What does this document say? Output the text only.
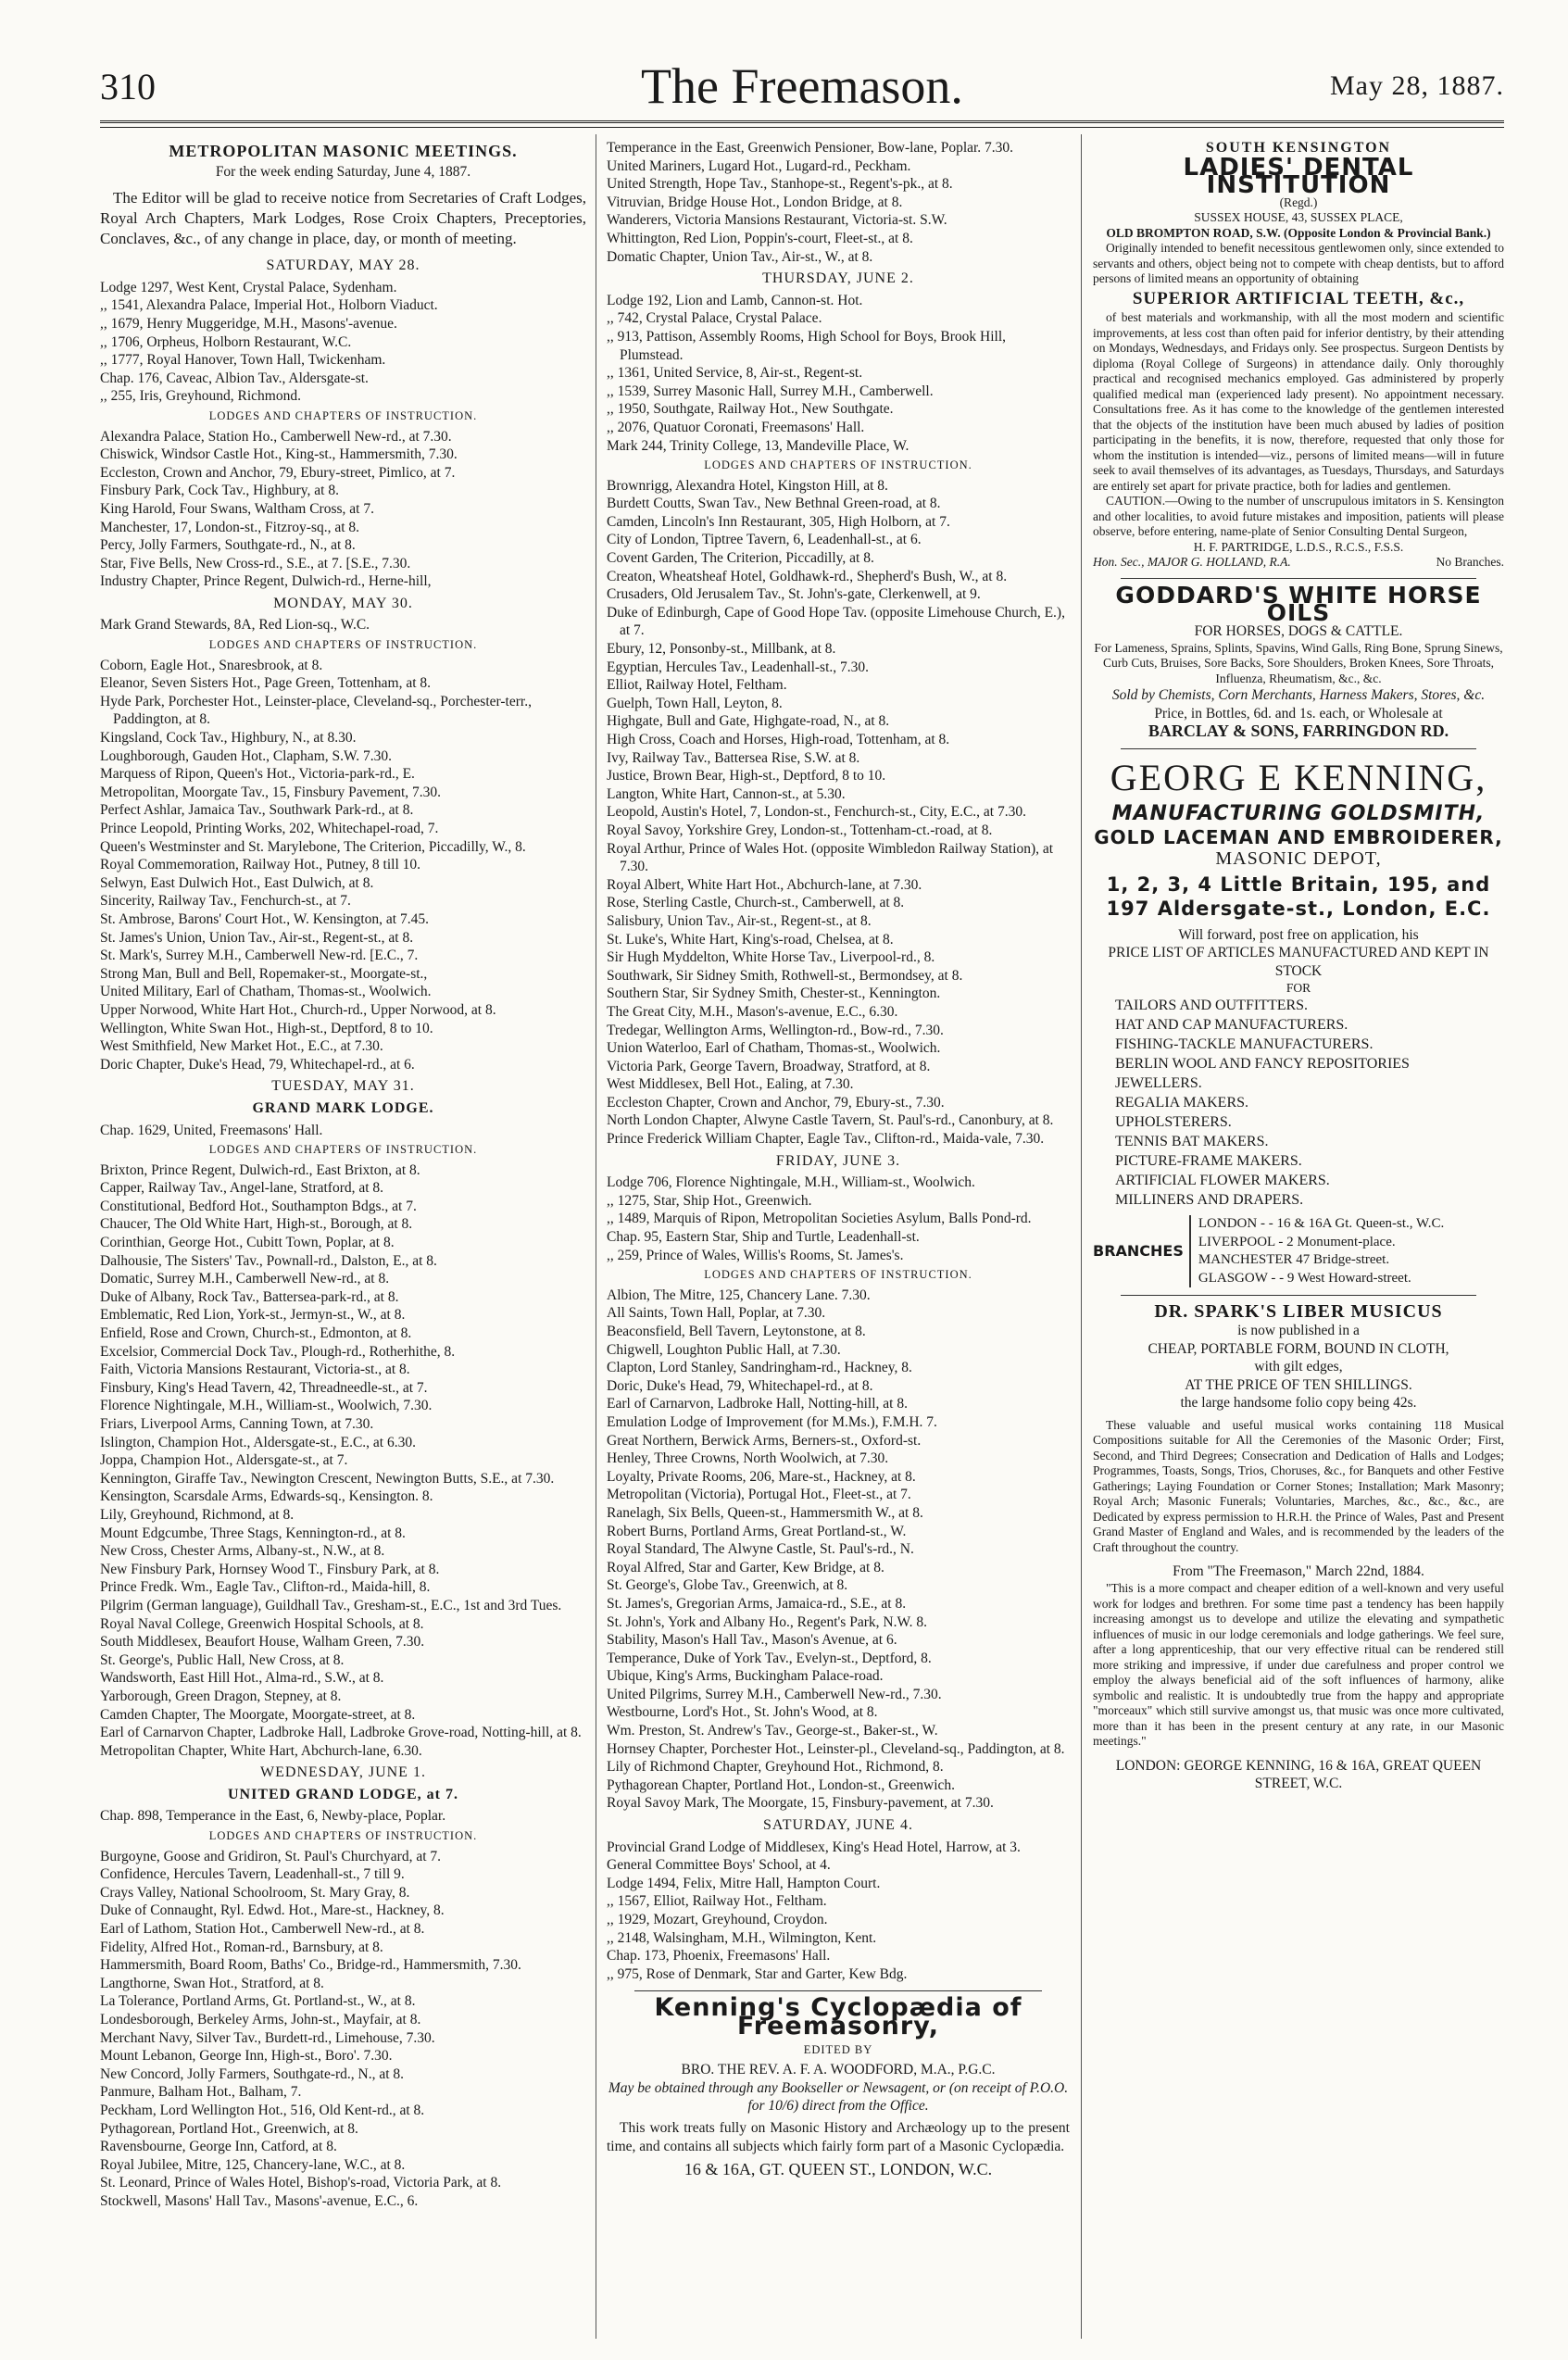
310	The Freemason.	May 28, 1887.
METROPOLITAN MASONIC MEETINGS.
For the week ending Saturday, June 4, 1887.
The Editor will be glad to receive notice from Secretaries of Craft Lodges, Royal Arch Chapters, Mark Lodges, Rose Croix Chapters, Preceptories, Conclaves, &c., of any change in place, day, or month of meeting.
SATURDAY, MAY 28.
Lodge 1297, West Kent, Crystal Palace, Sydenham.
,, 1541, Alexandra Palace, Imperial Hot., Holborn Viaduct.
,, 1679, Henry Muggeridge, M.H., Masons'-avenue.
,, 1706, Orpheus, Holborn Restaurant, W.C.
,, 1777, Royal Hanover, Town Hall, Twickenham.
Chap. 176, Caveac, Albion Tav., Aldersgate-st.
,, 255, Iris, Greyhound, Richmond.
LODGES AND CHAPTERS OF INSTRUCTION.
Alexandra Palace, Station Ho., Camberwell New-rd., at 7.30.
Chiswick, Windsor Castle Hot., King-st., Hammersmith, 7.30.
Eccleston, Crown and Anchor, 79, Ebury-street, Pimlico, at 7.
Finsbury Park, Cock Tav., Highbury, at 8.
King Harold, Four Swans, Waltham Cross, at 7.
Manchester, 17, London-st., Fitzroy-sq., at 8.
Percy, Jolly Farmers, Southgate-rd., N., at 8.
Star, Five Bells, New Cross-rd., S.E., at 7. [S.E., 7.30.
Industry Chapter, Prince Regent, Dulwich-rd., Herne-hill,
MONDAY, MAY 30.
Mark Grand Stewards, 8A, Red Lion-sq., W.C.
LODGES AND CHAPTERS OF INSTRUCTION.
Coborn, Eagle Hot., Snaresbrook, at 8.
Eleanor, Seven Sisters Hot., Page Green, Tottenham, at 8.
Hyde Park, Porchester Hot., Leinster-place, Cleveland-sq., Porchester-terr., Paddington, at 8.
Kingsland, Cock Tav., Highbury, N., at 8.30.
Loughborough, Gauden Hot., Clapham, S.W. 7.30.
Marquess of Ripon, Queen's Hot., Victoria-park-rd., E.
Metropolitan, Moorgate Tav., 15, Finsbury Pavement, 7.30.
Perfect Ashlar, Jamaica Tav., Southwark Park-rd., at 8.
Prince Leopold, Printing Works, 202, Whitechapel-road, 7.
Queen's Westminster and St. Marylebone, The Criterion, Piccadilly, W., 8.
Royal Commemoration, Railway Hot., Putney, 8 till 10.
Selwyn, East Dulwich Hot., East Dulwich, at 8.
Sincerity, Railway Tav., Fenchurch-st., at 7.
St. Ambrose, Barons' Court Hot., W. Kensington, at 7.45.
St. James's Union, Union Tav., Air-st., Regent-st., at 8.
St. Mark's, Surrey M.H., Camberwell New-rd. [E.C., 7.
Strong Man, Bull and Bell, Ropemaker-st., Moorgate-st.,
United Military, Earl of Chatham, Thomas-st., Woolwich.
Upper Norwood, White Hart Hot., Church-rd., Upper Norwood, at 8.
Wellington, White Swan Hot., High-st., Deptford, 8 to 10.
West Smithfield, New Market Hot., E.C., at 7.30.
Doric Chapter, Duke's Head, 79, Whitechapel-rd., at 6.
TUESDAY, MAY 31.
GRAND MARK LODGE.
Chap. 1629, United, Freemasons' Hall.
LODGES AND CHAPTERS OF INSTRUCTION.
Brixton, Prince Regent, Dulwich-rd., East Brixton, at 8.
Capper, Railway Tav., Angel-lane, Stratford, at 8.
Constitutional, Bedford Hot., Southampton Bdgs., at 7.
Chaucer, The Old White Hart, High-st., Borough, at 8.
Corinthian, George Hot., Cubitt Town, Poplar, at 8.
Dalhousie, The Sisters' Tav., Pownall-rd., Dalston, E., at 8.
Domatic, Surrey M.H., Camberwell New-rd., at 8.
Duke of Albany, Rock Tav., Battersea-park-rd., at 8.
Emblematic, Red Lion, York-st., Jermyn-st., W., at 8.
Enfield, Rose and Crown, Church-st., Edmonton, at 8.
Excelsior, Commercial Dock Tav., Plough-rd., Rotherhithe, 8.
Faith, Victoria Mansions Restaurant, Victoria-st., at 8.
Finsbury, King's Head Tavern, 42, Threadneedle-st., at 7.
Florence Nightingale, M.H., William-st., Woolwich, 7.30.
Friars, Liverpool Arms, Canning Town, at 7.30.
Islington, Champion Hot., Aldersgate-st., E.C., at 6.30.
Joppa, Champion Hot., Aldersgate-st., at 7.
Kennington, Giraffe Tav., Newington Crescent, Newington Butts, S.E., at 7.30.
Kensington, Scarsdale Arms, Edwards-sq., Kensington. 8.
Lily, Greyhound, Richmond, at 8.
Mount Edgcumbe, Three Stags, Kennington-rd., at 8.
New Cross, Chester Arms, Albany-st., N.W., at 8.
New Finsbury Park, Hornsey Wood T., Finsbury Park, at 8.
Prince Fredk. Wm., Eagle Tav., Clifton-rd., Maida-hill, 8.
Pilgrim (German language), Guildhall Tav., Gresham-st., E.C., 1st and 3rd Tues.
Royal Naval College, Greenwich Hospital Schools, at 8.
South Middlesex, Beaufort House, Walham Green, 7.30.
St. George's, Public Hall, New Cross, at 8.
Wandsworth, East Hill Hot., Alma-rd., S.W., at 8.
Yarborough, Green Dragon, Stepney, at 8.
Camden Chapter, The Moorgate, Moorgate-street, at 8.
Earl of Carnarvon Chapter, Ladbroke Hall, Ladbroke Grove-road, Notting-hill, at 8.
Metropolitan Chapter, White Hart, Abchurch-lane, 6.30.
WEDNESDAY, JUNE 1.
UNITED GRAND LODGE, at 7.
Chap. 898, Temperance in the East, 6, Newby-place, Poplar.
LODGES AND CHAPTERS OF INSTRUCTION.
Burgoyne, Goose and Gridiron, St. Paul's Churchyard, at 7.
Confidence, Hercules Tavern, Leadenhall-st., 7 till 9.
Crays Valley, National Schoolroom, St. Mary Gray, 8.
Duke of Connaught, Ryl. Edwd. Hot., Mare-st., Hackney, 8.
Earl of Lathom, Station Hot., Camberwell New-rd., at 8.
Fidelity, Alfred Hot., Roman-rd., Barnsbury, at 8.
Hammersmith, Board Room, Baths' Co., Bridge-rd., Hammersmith, 7.30.
Langthorne, Swan Hot., Stratford, at 8.
La Tolerance, Portland Arms, Gt. Portland-st., W., at 8.
Londesborough, Berkeley Arms, John-st., Mayfair, at 8.
Merchant Navy, Silver Tav., Burdett-rd., Limehouse, 7.30.
Mount Lebanon, George Inn, High-st., Boro'. 7.30.
New Concord, Jolly Farmers, Southgate-rd., N., at 8.
Panmure, Balham Hot., Balham, 7.
Peckham, Lord Wellington Hot., 516, Old Kent-rd., at 8.
Pythagorean, Portland Hot., Greenwich, at 8.
Ravensbourne, George Inn, Catford, at 8.
Royal Jubilee, Mitre, 125, Chancery-lane, W.C., at 8.
St. Leonard, Prince of Wales Hotel, Bishop's-road, Victoria Park, at 8.
Stockwell, Masons' Hall Tav., Masons'-avenue, E.C., 6.
Temperance in the East, Greenwich Pensioner, Bow-lane, Poplar. 7.30.
United Mariners, Lugard Hot., Lugard-rd., Peckham.
United Strength, Hope Tav., Stanhope-st., Regent's-pk., at 8.
Vitruvian, Bridge House Hot., London Bridge, at 8.
Wanderers, Victoria Mansions Restaurant, Victoria-st. S.W.
Whittington, Red Lion, Poppin's-court, Fleet-st., at 8.
Domatic Chapter, Union Tav., Air-st., W., at 8.
THURSDAY, JUNE 2.
Lodge 192, Lion and Lamb, Cannon-st. Hot.
,, 742, Crystal Palace, Crystal Palace.
,, 913, Pattison, Assembly Rooms, High School for Boys, Brook Hill, Plumstead.
,, 1361, United Service, 8, Air-st., Regent-st.
,, 1539, Surrey Masonic Hall, Surrey M.H., Camberwell.
,, 1950, Southgate, Railway Hot., New Southgate.
,, 2076, Quatuor Coronati, Freemasons' Hall.
Mark 244, Trinity College, 13, Mandeville Place, W.
LODGES AND CHAPTERS OF INSTRUCTION.
Brownrigg, Alexandra Hotel, Kingston Hill, at 8.
Burdett Coutts, Swan Tav., New Bethnal Green-road, at 8.
Camden, Lincoln's Inn Restaurant, 305, High Holborn, at 7.
City of London, Tiptree Tavern, 6, Leadenhall-st., at 6.
Covent Garden, The Criterion, Piccadilly, at 8.
Creaton, Wheatsheaf Hotel, Goldhawk-rd., Shepherd's Bush, W., at 8.
Crusaders, Old Jerusalem Tav., St. John's-gate, Clerkenwell, at 9.
Duke of Edinburgh, Cape of Good Hope Tav. (opposite Limehouse Church, E.), at 7.
Ebury, 12, Ponsonby-st., Millbank, at 8.
Egyptian, Hercules Tav., Leadenhall-st., 7.30.
Elliot, Railway Hotel, Feltham.
Guelph, Town Hall, Leyton, 8.
Highgate, Bull and Gate, Highgate-road, N., at 8.
High Cross, Coach and Horses, High-road, Tottenham, at 8.
Ivy, Railway Tav., Battersea Rise, S.W. at 8.
Justice, Brown Bear, High-st., Deptford, 8 to 10.
Langton, White Hart, Cannon-st., at 5.30.
Leopold, Austin's Hotel, 7, London-st., Fenchurch-st., City, E.C., at 7.30.
Royal Savoy, Yorkshire Grey, London-st., Tottenham-ct.-road, at 8.
Royal Arthur, Prince of Wales Hot. (opposite Wimbledon Railway Station), at 7.30.
Royal Albert, White Hart Hot., Abchurch-lane, at 7.30.
Rose, Sterling Castle, Church-st., Camberwell, at 8.
Salisbury, Union Tav., Air-st., Regent-st., at 8.
St. Luke's, White Hart, King's-road, Chelsea, at 8.
Sir Hugh Myddelton, White Horse Tav., Liverpool-rd., 8.
Southwark, Sir Sidney Smith, Rothwell-st., Bermondsey, at 8.
Southern Star, Sir Sydney Smith, Chester-st., Kennington.
The Great City, M.H., Mason's-avenue, E.C., 6.30.
Tredegar, Wellington Arms, Wellington-rd., Bow-rd., 7.30.
Union Waterloo, Earl of Chatham, Thomas-st., Woolwich.
Victoria Park, George Tavern, Broadway, Stratford, at 8.
West Middlesex, Bell Hot., Ealing, at 7.30.
Eccleston Chapter, Crown and Anchor, 79, Ebury-st., 7.30.
North London Chapter, Alwyne Castle Tavern, St. Paul's-rd., Canonbury, at 8.
Prince Frederick William Chapter, Eagle Tav., Clifton-rd., Maida-vale, 7.30.
FRIDAY, JUNE 3.
Lodge 706, Florence Nightingale, M.H., William-st., Woolwich.
,, 1275, Star, Ship Hot., Greenwich.
,, 1489, Marquis of Ripon, Metropolitan Societies Asylum, Balls Pond-rd.
Chap. 95, Eastern Star, Ship and Turtle, Leadenhall-st.
,, 259, Prince of Wales, Willis's Rooms, St. James's.
LODGES AND CHAPTERS OF INSTRUCTION.
Albion, The Mitre, 125, Chancery Lane. 7.30.
All Saints, Town Hall, Poplar, at 7.30.
Beaconsfield, Bell Tavern, Leytonstone, at 8.
Chigwell, Loughton Public Hall, at 7.30.
Clapton, Lord Stanley, Sandringham-rd., Hackney, 8.
Doric, Duke's Head, 79, Whitechapel-rd., at 8.
Earl of Carnarvon, Ladbroke Hall, Notting-hill, at 8.
Emulation Lodge of Improvement (for M.Ms.), F.M.H. 7.
Great Northern, Berwick Arms, Berners-st., Oxford-st.
Henley, Three Crowns, North Woolwich, at 7.30.
Loyalty, Private Rooms, 206, Mare-st., Hackney, at 8.
Metropolitan (Victoria), Portugal Hot., Fleet-st., at 7.
Ranelagh, Six Bells, Queen-st., Hammersmith W., at 8.
Robert Burns, Portland Arms, Great Portland-st., W.
Royal Standard, The Alwyne Castle, St. Paul's-rd., N.
Royal Alfred, Star and Garter, Kew Bridge, at 8.
St. George's, Globe Tav., Greenwich, at 8.
St. James's, Gregorian Arms, Jamaica-rd., S.E., at 8.
St. John's, York and Albany Ho., Regent's Park, N.W. 8.
Stability, Mason's Hall Tav., Mason's Avenue, at 6.
Temperance, Duke of York Tav., Evelyn-st., Deptford, 8.
Ubique, King's Arms, Buckingham Palace-road.
United Pilgrims, Surrey M.H., Camberwell New-rd., 7.30.
Westbourne, Lord's Hot., St. John's Wood, at 8.
Wm. Preston, St. Andrew's Tav., George-st., Baker-st., W.
Hornsey Chapter, Porchester Hot., Leinster-pl., Cleveland-sq., Paddington, at 8.
Lily of Richmond Chapter, Greyhound Hot., Richmond, 8.
Pythagorean Chapter, Portland Hot., London-st., Greenwich.
Royal Savoy Mark, The Moorgate, 15, Finsbury-pavement, at 7.30.
SATURDAY, JUNE 4.
Provincial Grand Lodge of Middlesex, King's Head Hotel, Harrow, at 3.
General Committee Boys' School, at 4.
Lodge 1494, Felix, Mitre Hall, Hampton Court.
,, 1567, Elliot, Railway Hot., Feltham.
,, 1929, Mozart, Greyhound, Croydon.
,, 2148, Walsingham, M.H., Wilmington, Kent.
Chap. 173, Phoenix, Freemasons' Hall.
,, 975, Rose of Denmark, Star and Garter, Kew Bdg.
Kenning's Cyclopædia of Freemasonry,
EDITED BY
BRO. THE REV. A. F. A. WOODFORD, M.A., P.G.C.
May be obtained through any Bookseller or Newsagent, or (on receipt of P.O.O. for 10/6) direct from the Office.
This work treats fully on Masonic History and Archæology up to the present time, and contains all subjects which fairly form part of a Masonic Cyclopædia.
16 & 16A, GT. QUEEN ST., LONDON, W.C.
SOUTH KENSINGTON
LADIES' DENTAL INSTITUTION
(Regd.)
SUSSEX HOUSE, 43, SUSSEX PLACE,
OLD BROMPTON ROAD, S.W. (Opposite London & Provincial Bank.)
Originally intended to benefit necessitous gentlewomen only, since extended to servants and others, object being not to compete with cheap dentists, but to afford persons of limited means an opportunity of obtaining
SUPERIOR ARTIFICIAL TEETH, &c.,
of best materials and workmanship, with all the most modern and scientific improvements, at less cost than often paid for inferior dentistry, by their attending on Mondays, Wednesdays, and Fridays only. See prospectus. Surgeon Dentists by diploma (Royal College of Surgeons) in attendance daily. Only thoroughly practical and recognised mechanics employed. Gas administered by properly qualified medical man (experienced lady present). No appointment necessary. Consultations free. As it has come to the knowledge of the gentlemen interested that the objects of the institution have been much abused by ladies of position participating in the benefits, it is now, therefore, requested that only those for whom the institution is intended—viz., persons of limited means—will in future seek to avail themselves of its advantages, as Tuesdays, Thursdays, and Saturdays are entirely set apart for private practice, both for ladies and gentlemen.
CAUTION.—Owing to the number of unscrupulous imitators in S. Kensington and other localities, to avoid future mistakes and imposition, patients will please observe, before entering, name-plate of Senior Consulting Dental Surgeon,
H. F. PARTRIDGE, L.D.S., R.C.S., F.S.S.
Hon. Sec., MAJOR G. HOLLAND, R.A.	No Branches.
GODDARD'S WHITE HORSE OILS
FOR HORSES, DOGS & CATTLE.
For Lameness, Sprains, Splints, Spavins, Wind Galls, Ring Bone, Sprung Sinews, Curb Cuts, Bruises, Sore Backs, Sore Shoulders, Broken Knees, Sore Throats, Influenza, Rheumatism, &c., &c.
Sold by Chemists, Corn Merchants, Harness Makers, Stores, &c.
Price, in Bottles, 6d. and 1s. each, or Wholesale at
BARCLAY & SONS, FARRINGDON RD.
GEORG E KENNING,
MANUFACTURING GOLDSMITH,
GOLD LACEMAN AND EMBROIDERER,
MASONIC DEPOT,
1, 2, 3, 4 Little Britain, 195, and 197 Aldersgate-st., London, E.C.
Will forward, post free on application, his
PRICE LIST OF ARTICLES MANUFACTURED AND KEPT IN STOCK
FOR
TAILORS AND OUTFITTERS.
HAT AND CAP MANUFACTURERS.
FISHING-TACKLE MANUFACTURERS.
BERLIN WOOL AND FANCY REPOSITORIES
JEWELLERS.
REGALIA MAKERS.
UPHOLSTERERS.
TENNIS BAT MAKERS.
PICTURE-FRAME MAKERS.
ARTIFICIAL FLOWER MAKERS.
MILLINERS AND DRAPERS.
BRANCHES
LONDON - - 16 & 16A Gt. Queen-st., W.C.
LIVERPOOL - 2 Monument-place.
MANCHESTER 47 Bridge-street.
GLASGOW - - 9 West Howard-street.
DR. SPARK'S LIBER MUSICUS
is now published in a
CHEAP, PORTABLE FORM, BOUND IN CLOTH,
with gilt edges,
AT THE PRICE OF TEN SHILLINGS.
the large handsome folio copy being 42s.
These valuable and useful musical works containing 118 Musical Compositions suitable for All the Ceremonies of the Masonic Order; First, Second, and Third Degrees; Consecration and Dedication of Halls and Lodges; Programmes, Toasts, Songs, Trios, Choruses, &c., for Banquets and other Festive Gatherings; Laying Foundation or Corner Stones; Installation; Mark Masonry; Royal Arch; Masonic Funerals; Voluntaries, Marches, &c., &c., &c., are Dedicated by express permission to H.R.H. the Prince of Wales, Past and Present Grand Master of England and Wales, and is recommended by the leaders of the Craft throughout the country.
From "The Freemason," March 22nd, 1884.
"This is a more compact and cheaper edition of a well-known and very useful work for lodges and brethren. For some time past a tendency has been happily increasing amongst us to develope and utilize the elevating and sympathetic influences of music in our lodge ceremonials and lodge gatherings. We feel sure, after a long apprenticeship, that our very effective ritual can be rendered still more striking and impressive, if under due carefulness and proper control we employ the always beneficial aid of the soft influences of harmony, alike symbolic and realistic. It is undoubtedly true from the happy and appropriate "morceaux" which still survive amongst us, that music was once more cultivated, more than it has been in the present century at any rate, in our Masonic meetings."
LONDON: GEORGE KENNING, 16 & 16A, GREAT QUEEN STREET, W.C.
